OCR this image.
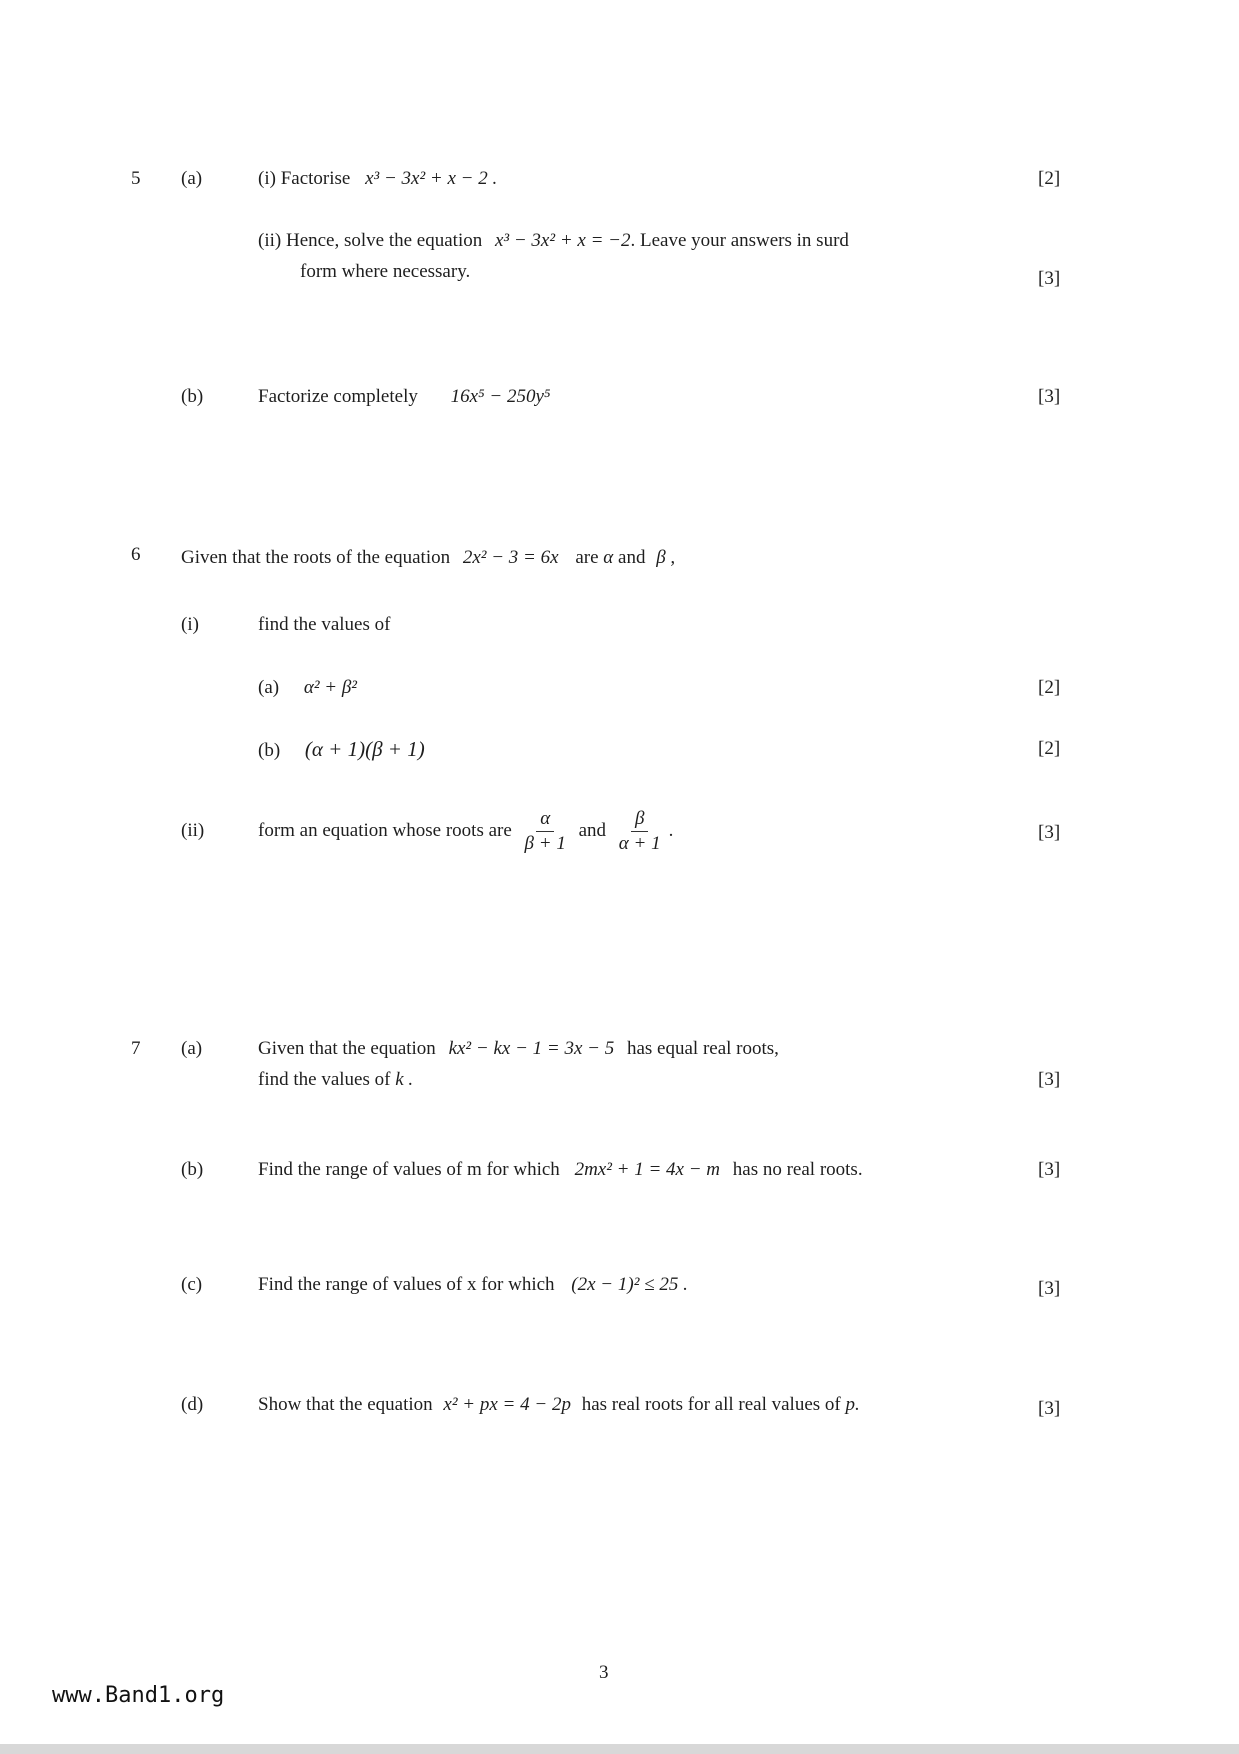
5 (a)	(i) Factorise x³ − 3x² + x − 2 .	[2]
(ii) Hence, solve the equation x³ − 3x² + x = −2. Leave your answers in surd
form where necessary.	[3]
(b)	Factorize completely 16x⁵ − 250y⁵	[3]
6 Given that the roots of the equation 2x² − 3 = 6x are α and β ,
(i)	find the values of
(a) α² + β²	[2]
(b) (α + 1)(β + 1)	[2]
(ii)	form an equation whose roots are $\frac{\alpha}{\beta + 1}$ and $\frac{\beta}{\alpha + 1}$ .	[3]
7 (a)	Given that the equation kx² − kx − 1 = 3x − 5 has equal real roots,
find the values of k .	[3]
(b)	Find the range of values of m for which 2mx² + 1 = 4x − m has no real roots.	[3]
(c)	Find the range of values of x for which (2x − 1)² ≤ 25 .	[3]
(d)	Show that the equation x² + px = 4 − 2p has real roots for all real values of p.	[3]
3
www.Band1.org
